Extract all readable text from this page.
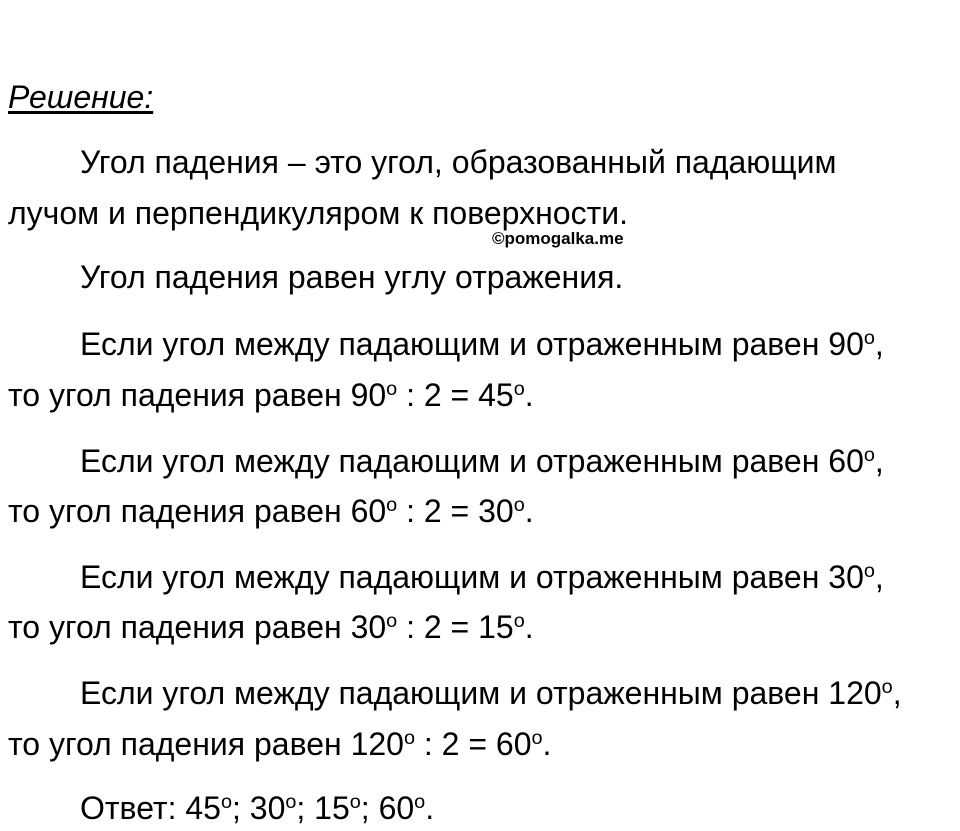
Решение:
Угол падения – это угол, образованный падающим
лучом и перпендикуляром к поверхности.
©pomogalka.me
Угол падения равен углу отражения.
Если угол между падающим и отраженным равен $90^о$,
то угол падения равен $90^о$ : $2 = 45^о$.
Если угол между падающим и отраженным равен $60^о$,
то угол падения равен $60^о$ : $2 = 30^о$.
Если угол между падающим и отраженным равен $30^о$,
то угол падения равен $30^о$ : $2 = 15^о$.
Если угол между падающим и отраженным равен $120^о$,
то угол падения равен $120^о$ : $2 = 60^о$.
Ответ: $45^о$; $30^о$; $15^о$; $60^о$.
